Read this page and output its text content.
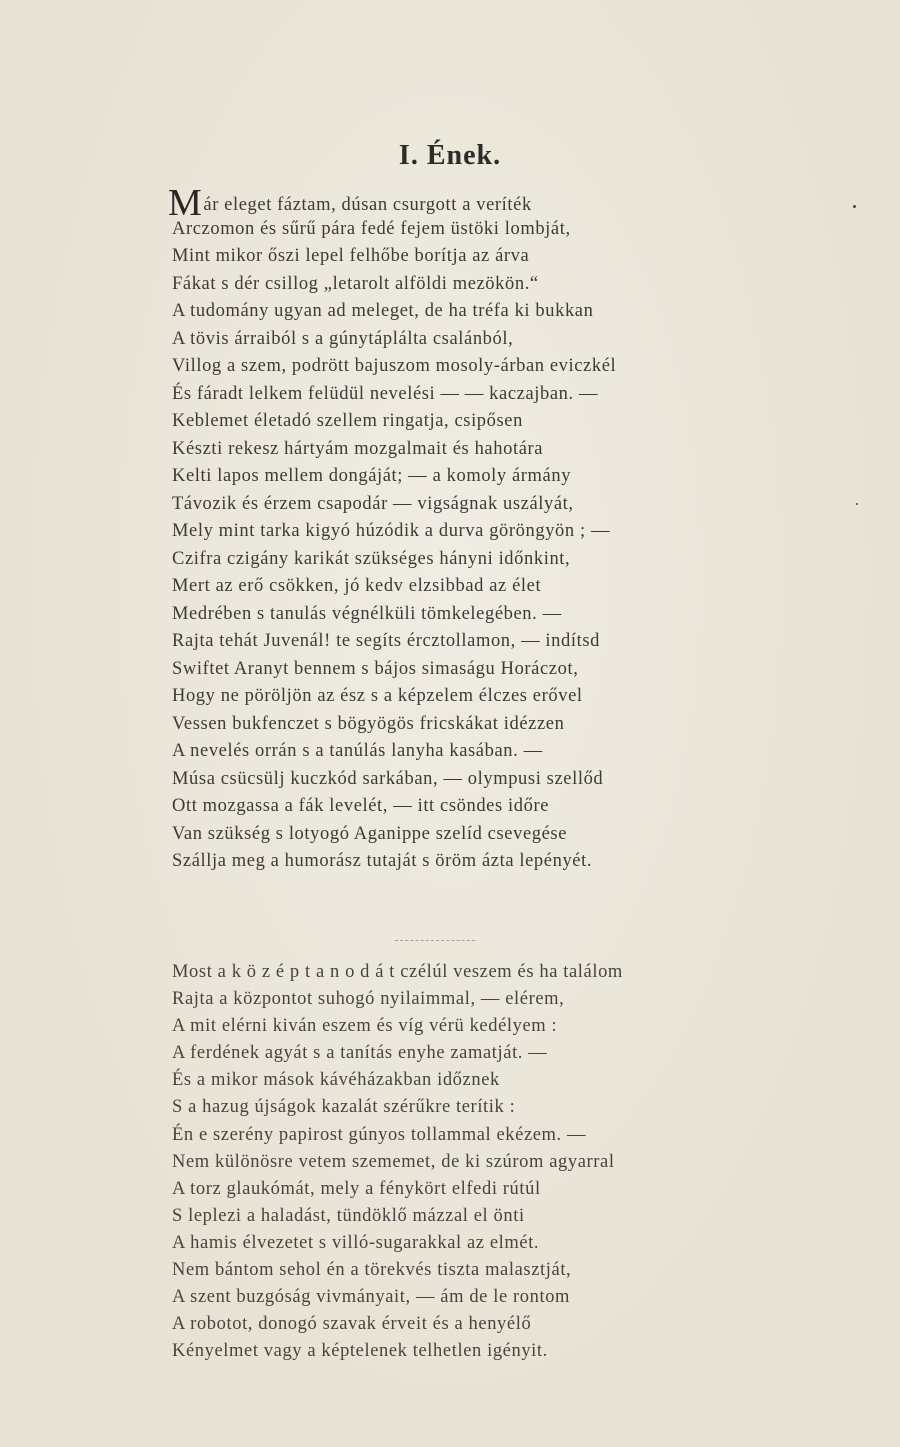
I. Ének.
Már eleget fáztam, dúsan csurgott a veríték
Arczomon és sűrű pára fedé fejem üstöki lombját,
Mint mikor őszi lepel felhőbe borítja az árva
Fákat s dér csillog „letarolt alföldi mezökön.“
A tudomány ugyan ad meleget, de ha tréfa ki bukkan
A tövis árraiból s a gúnytáplálta csalánból,
Villog a szem, podrött bajuszom mosoly-árban eviczkél
És fáradt lelkem felüdül nevelési — — kaczajban. —
Keblemet életadó szellem ringatja, csipősen
Készti rekesz hártyám mozgalmait és hahotára
Kelti lapos mellem dongáját; — a komoly ármány
Távozik és érzem csapodár — vigságnak uszályát,
Mely mint tarka kigyó húzódik a durva göröngyön ; —
Czifra czigány karikát szükséges hányni időnkint,
Mert az erő csökken, jó kedv elzsibbad az élet
Medrében s tanulás végnélküli tömkelegében. —
Rajta tehát Juvenál! te segíts ércztollamon, — indítsd
Swiftet Aranyt bennem s bájos simaságu Horáczot,
Hogy ne pöröljön az ész s a képzelem élczes erővel
Vessen bukfenczet s bögyögös fricskákat idézzen
A nevelés orrán s a tanúlás lanyha kasában. —
Músa csücsülj kuczkód sarkában, — olympusi szellőd
Ott mozgassa a fák levelét, — itt csöndes időre
Van szükség s lotyogó Aganippe szelíd csevegése
Szállja meg a humorász tutaját s öröm ázta lepényét.
Most a k ö z é p t a n o d á t czélúl veszem és ha találom
Rajta a központot suhogó nyilaimmal, — elérem,
A mit elérni kiván eszem és víg vérü kedélyem :
A ferdének agyát s a tanítás enyhe zamatját. —
És a mikor mások kávéházakban időznek
S a hazug újságok kazalát szérűkre terítik :
Én e szerény papirost gúnyos tollammal ekézem. —
Nem különösre vetem szememet, de ki szúrom agyarral
A torz glaukómát, mely a fénykört elfedi rútúl
S leplezi a haladást, tündöklő mázzal el önti
A hamis élvezetet s villó-sugarakkal az elmét.
Nem bántom sehol én a törekvés tiszta malasztját,
A szent buzgóság vivmányait, — ám de le rontom
A robotot, donogó szavak érveit és a henyélő
Kényelmet vagy a képtelenek telhetlen igényit.
